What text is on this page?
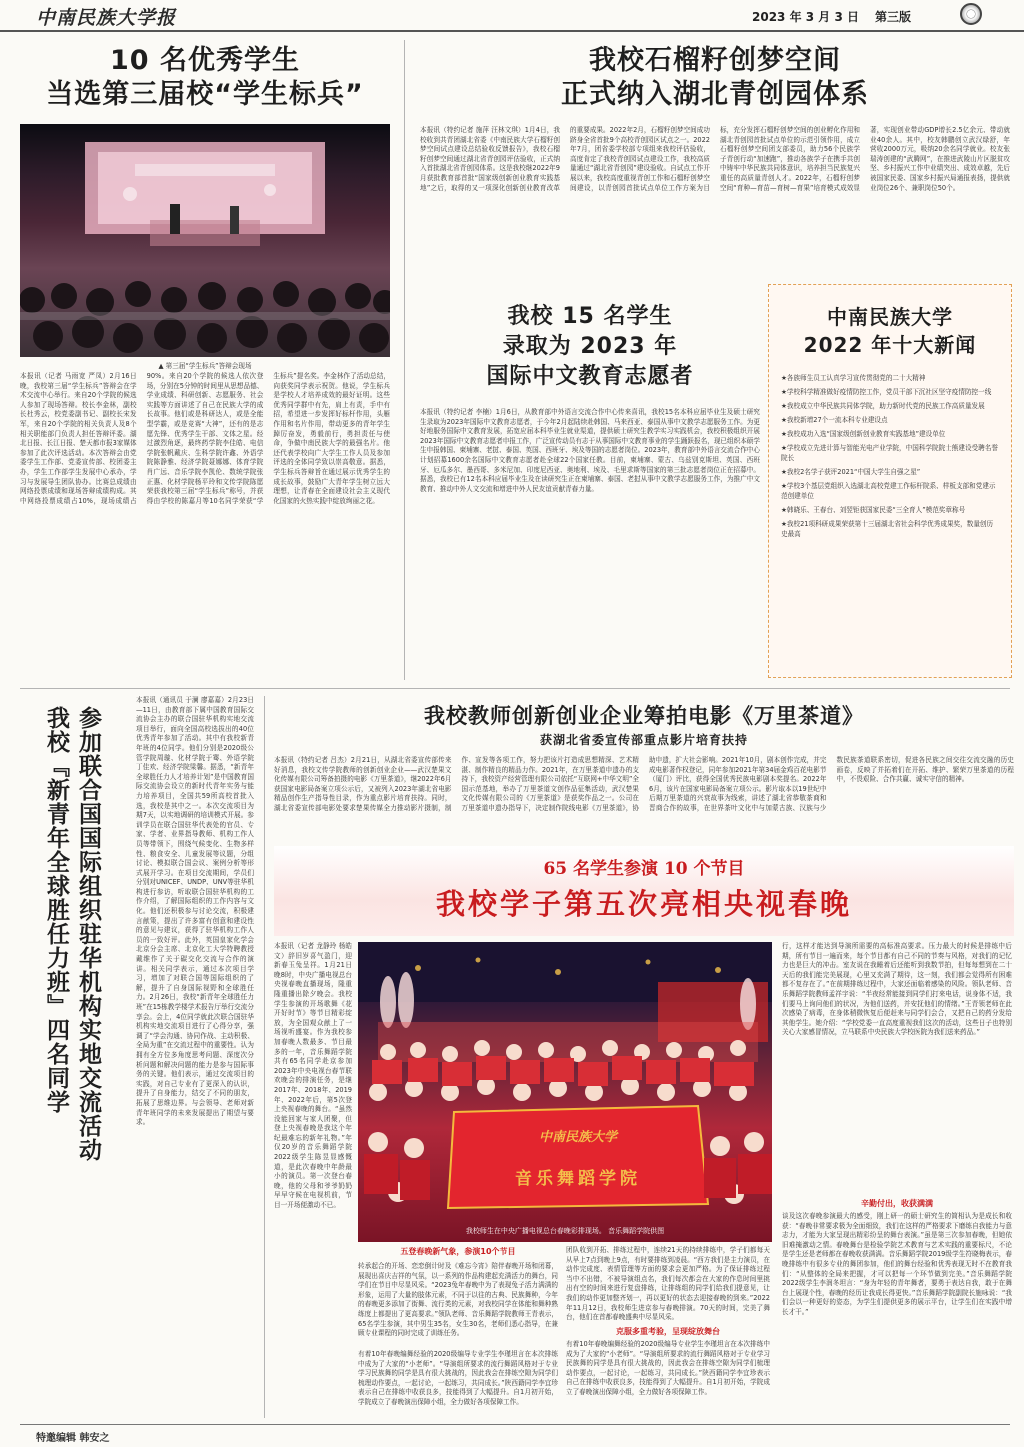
中南民族大学报	2023 年 3 月 3 日 第三版
10 名优秀学生
当选第三届校“学生标兵”
▲ 第三届“学生标兵”答辩会现场
本报讯（记者 马雨宽 严凤）2月16日晚，我校第三届“学生标兵”答辩会在学术交流中心举行。来自20个学院的候选人参加了现场答辩。校长李金林，副校长杜秀云，校党委副书记、副校长宋发军，来自20个学院的相关负责人及8个相关职能部门负责人担任答辩评委。湖北日报、长江日报、楚天都市报3家媒体参加了此次评选活动。本次答辩会由党委学生工作部、党委宣传部、校团委主办，学生工作部学生发展中心承办，学习与发展导生团队协办。比赛总成绩由网络投票成绩和现场答辩成绩构成。其中网络投票成绩占10%，现场成绩占90%。来自20个学院的候选人依次登场，分别在5分钟的时间里从思想品德、学业成绩、科研创新、志愿服务、社会实践等方面讲述了自己在民族大学的成长故事。他们或是科研达人，或是全能型学霸，或是竞赛“大神”，还有的是志愿先锋、优秀学生干部、文体之星。经过激烈角逐，最终药学院李佳皓、电信学院张帆戴庆、生科学院许鑫、外语学院陈静雅、经济学院聂娜娜、体育学院肖广远、音乐学院李凯伦、数统学院张正惠、化材学院杨平玲和文传学院陈愿荣获我校第三届“学生标兵”称号，并获得由学校的陈嘉月等10名同学荣获“学生标兵”提名奖。李金林作了活动总结，向获奖同学表示祝贺。他说，学生标兵是学校人才培养成效的最好证明。这些优秀同学群中有先，肩上有责，手中有招，希望进一步发挥好标杆作用，头雁作用和名片作用，带动更多的青年学生踔厉奋发，勇毅前行，勇担责任与使命，争做中南民族大学的最强名片。他还代表学校向广大学生工作人员及参加评选的全体同学致以崇高敬意。据悉，学生标兵答辩旨在通过展示优秀学生的成长故事，鼓励广大青年学生树立远大理想，让青春在全面建设社会主义现代化国家的火热实践中绽放绚丽之花。
我校石榴籽创梦空间
正式纳入湖北青创园体系
本报讯（特约记者 施萍 汪林文琪）1月4日，我校收到共青团湖北省委《中南民族大学石榴籽创梦空间试点建设总结验收反馈报告》，我校石榴籽创梦空间通过湖北省青创园评估验收，正式纳入首批湖北省青创园体系。这是我校继2022年9月获批教育部首批“国家级创新创业教育实践基地”之后，取得的又一项深化创新创业教育改革的重要成果。2022年2月，石榴籽创梦空间成功跻身全省首批9个高校青创园区试点之一。2022年7月，团省委学校部专项组来我校评估验收，高度肯定了我校青创园试点建设工作，我校高质量通过“湖北省青创园”建设验收。自试点工作开展以来，我校高度重视青创工作和石榴籽创梦空间建设，以青创园首批试点单位工作方案为目标，充分发挥石榴籽创梦空间的创业孵化作用和湖北青创园首批试点单位的示范引领作用，成立石榴籽创梦空间团支部委员，助力56个民族学子青创行动“加速跑”，推动各族学子在携手共创中铸牢中华民族共同体意识，培养担当民族复兴重任的高质量青创人才。2022年，石榴籽创梦空间“育种—育苗—育树—育果”培育模式成效显著，实现创业带动GDP增长2.5亿余元、带动就业40余人。其中，校友韩鹏创立武汉绿舒，年营收2000万元，吸纳20余名同学就业。校友张瑞涛创建的“武腾网”，在推进武陵山片区脱贫攻坚、乡村振兴工作中业绩突出、成效卓越，先后被国家民委、国家乡村振兴局通报表扬，提供就业岗位26个、兼职岗位50个。
我校 15 名学生
录取为 2023 年
国际中文教育志愿者
本报讯（特约记者 李楠）1月6日，从教育部中外语言交流合作中心传来喜讯，我校15名本科应届毕业生及硕士研究生录取为2023年国际中文教育志愿者，于今年2月起陆续赴韩国、马来西亚、泰国从事中文教学志愿服务工作。为更好地服务国际中文教育发展，拓宽应届本科毕业生就业渠道，提供硕士研究生教学实习实践机会，我校积极组织开展2023年国际中文教育志愿者申报工作，广泛宣传动员有志于从事国际中文教育事业的学生踊跃报名，现已组织本硕学生申报韩国、柬埔寨、老挝、泰国、英国、西班牙、埃及等国的志愿者岗位。2023年，教育部中外语言交流合作中心计划招募1600余名国际中文教育志愿者赴全球22个国家任教。目前，柬埔寨、蒙古、乌兹别克斯坦、英国、西班牙、厄瓜多尔、墨西哥、多米尼加、印度尼西亚、奥地利、埃及、毛里求斯等国家的第三批志愿者岗位正在招募中。据悉，我校已有12名本科应届毕业生及在读研究生正在柬埔寨、泰国、老挝从事中文教学志愿服务工作，为推广中文教育、推动中外人文交流和增进中外人民友谊贡献青春力量。
中南民族大学
2022 年十大新闻
★各族师生员工认真学习宣传贯彻党的二十大精神
★学校科学精准做好疫情防控工作，党员干部下沉社区坚守疫情防控一线
★我校成立中华民族共同体学院，助力新时代党的民族工作高质量发展
★我校新增27个一流本科专业建设点
★我校成功入选“国家级创新创业教育实践基地”建设单位
★学校成立先进计算与智能光电产业学院，中国科学院院士熊建设受聘名誉院长
★我校2名学子获评2021“中国大学生自强之星”
★学校3个基层党组织入选湖北高校党建工作标杆院系、样板支部和党建示范创建单位
★韩晓乐、王春台、刘翌钜获国家民委“三全育人”模范奖章称号
★我校21项科研成果荣获第十三届湖北省社会科学优秀成果奖，数量创历史最高
参加联合国国际组织驻华机构实地交流活动
我校『新青年全球胜任力班』四名同学
本报讯（通讯员 于澜 廖嘉嘉）2月23日—11日，由教育部下属中国教育国际交流协会主办的联合国驻华机构实地交流项目举行，面向全国高校选拔出的40位优秀青年参加了活动。其中有我校新青年班的4位同学。他们分别是2020级公管学院周璇、化材学院于骞、外语学院丁佳欢、经济学院梁馨。据悉，“新青年全球胜任力人才培养计划”是中国教育国际交流协会设立的新时代青年实务与能力培养项目，全国共59所高校首批入选，我校是其中之一。本次交流项目为期7天，以实地调研的培训模式开展。参训学员在联合国驻华代表处的官员、专家、学者、业界指导教师、机构工作人员等带领下，围绕气候变化、生物多样性、粮食安全、儿童发展等议题，分组讨论、模拟联合国会议、案例分析等形式展开学习。在项目交流期间，学员们分别对UNICEF、UNDP、UNV等驻华机构进行参访，听取联合国驻华机构的工作介绍，了解国际组织的工作内容与文化。他们还积极参与讨论交流，积极建言献策，提出了许多富有创意和建设性的意见与建议，获得了驻华机构工作人员的一致好评。此外，英国皇家化学会北京分会主席、北京化工大学特聘教授戴维作了关于碳交化交流与合作的演讲。相关同学表示，通过本次项目学习，增加了对联合国等国际组织的了解，提升了自身国际视野和全球胜任力。2月26日，我校“新青年全球胜任力班”在15栋教学楼学术报告厅举行交流分享会。会上，4位同学就此次联合国驻华机构实地交流项目进行了心得分享，强调了“学会沟通、协同作战、主动积极、全局为重”在交流过程中的重要性。认为拥有全方位多角度思考问题、深度次分析问题和解决问题的能力是参与国际事务的关键。他们表示，通过交流项目的实践，对自己专业有了更深入的认识，提升了自身能力，结交了不同的朋友，拓展了思维边界。与会领导、老师对新青年班同学的未来发展提出了期望与要求。
我校教师创新创业企业筹拍电影《万里茶道》
获湖北省委宣传部重点影片培育扶持
本报讯（特约记者 吕杰）2月21日，从湖北省委宣传部传来好消息，我校文传学院教师的创新创业企业——武汉楚果文化传媒有限公司筹备拍摄的电影《万里茶道》，继2022年6月获国家电影局备案立项公示后，又被列入2023年湖北省电影精品创作生产指导性目录，作为重点影片培育扶持。同时，湖北省委宣传部电影处要求楚果传媒全力推动影片摄制，制作、宣发等各项工作，努力把该片打造成思想精深、艺术精湛、制作精良的精品力作。2021年，在万里茶道申遗办的支持下，我校资产经营管理有限公司依托“互联网+中华文明”全国示范基地，举办了万里茶道文创作品征集活动，武汉楚果文化传媒有限公司的《万里茶道》是获奖作品之一。公司在万里茶道申遗办指导下，决定制作院线电影《万里茶道》，协助申遗，扩大社会影响。2021年10月，剧本创作完成，并完成电影著作权登记，同年参加2021年第34届金鸡百花电影节（厦门）评比，获得全国优秀民族电影剧本奖提名。2022年6月，该片在国家电影局备案立项公示。影片取本以19世纪中后期万里茶道的兴衰故事为线索，讲述了湖北省恭敬茶商和晋商合作的故事，在世界茶叶文化中与加蒙古族、汉族与少数民族茶道联系密切，促进各民族之间交往交流交融的历史画卷，反映了并拓着们在开拓、维护、繁荣万里茶道的历程中，不畏艰险、合作共赢、诚实守信的精神。
65 名学生参演 10 个节目
我校学子第五次亮相央视春晚
本报讯（记者 龙静玲 杨皓文）辞旧岁喜气盈门，迎新春玉兔呈祥。1月21日晚8时，中央广播电视总台央视春晚直播现场，隆重隆重播出除夕晚会。我校学生参演的开场歌舞《花开好时节》等节目精彩绽放，为全国观众献上了一场视听盛宴。作为我校参加春晚人数最多、节目最多的一年，音乐舞蹈学院共有65名同学赴京参加2023年中央电视台春节联欢晚会的排演任务，是继2017年、2018年、2019年、2022年后，第5次登上央视春晚的舞台。“虽然没能回家与家人团聚，但登上央视春晚是我这个年纪最难忘的新年礼物。”年仅20岁的音乐舞蹈学院2022级学生陈昱显感慨道，是此次春晚中年龄最小的演员。第一次登台春晚，他的父母和爷爷奶奶早早守候在电视机前，节目一开场便激动不已。
中南民族大学
音乐舞蹈学院
我校师生在中央广播电视总台春晚彩排现场。 音乐舞蹈学院供图
五登春晚新气象，参演10个节目
转承起合的开场、恋恋倒计时及《难忘今宵》陪伴春晚开场和闭幕，展现出喜庆吉祥的气氛，以一系列的作品构建起充满活力的舞台，同学们在节目中尽显风采。“2023兔年春晚中为了表现兔子活力满满的形象，运用了大量的肢体元素，不同于以往的古典、民族舞种，今年的春晚更多添加了街舞、流行类的元素，对我校同学在体能和舞种熟练度上都提出了更高要求。”领队老师、音乐舞蹈学院教师王青表示，65名学生参演，其中男生35名，女生30名，老师们悉心指导，在兼顾专业课程的同时完成了训练任务。
有着10年春晚编舞经验的2020级编导专业学生李瑾坦言在本次排练中成为了大家的“小老师”。“导演组所要求的流行舞蹈风格对于专业学习民族舞的同学是具有很大挑战的，因此我会在排练空隙为同学们梳理动作要点，一起讨论，一起练习，共同成长。”陕西籍同学李宜珍表示自己在排练中收获良多，技能得到了大幅提升。自1月初开始，学院成立了春晚演出保障小组，全力做好各项保障工作。
团队收到开拓、排练过程中，连续21天的持续排练中，学子们都每天从早上7点到晚上9点，有时要排练到凌晨。“西方我们是主力演员，在动作完成度、表情管理等方面的要求会更加严格。为了保证排练过程当中不出错，不被导演组点名，我们每次都会在大家的作息时间里挑出有空的时间来进行复盘排练，让排练组的同学们给我们提意见，让我们的动作更加整齐划一，再以更好的状态去迎接春晚的到来。”2022年11月12日，我校师生进京参与春晚排演。70天的时间，完美了舞台，他们在首都春晚盛典中尽显风采。
克服多重考验，呈现绽放舞台
有着10年春晚编舞经验的2020级编导专业学生李瑾坦言在本次排练中成为了大家的“小老师”。“导演组所要求的流行舞蹈风格对于专业学习民族舞的同学是具有很大挑战的，因此我会在排练空隙为同学们梳理动作要点，一起讨论，一起练习，共同成长。”陕西籍同学李宜珍表示自己在排练中收获良多，技能得到了大幅提升。自1月初开始，学院成立了春晚演出保障小组，全力做好各项保障工作。
行，这样才能达到导演所需要的高标准高要求。压力最大的时候是排练中后期，所有节目一遍而来，每个节目都有自己不同的节奏与风格，对我们的记忆力也是巨大的冲击。室友说在我睡着后还能听到我数节拍，但每每想到在二十天后的我们能完美展现，心里又充满了期待，这一刻，我们都会觉得所有困难都不复存在了。”在前期排练过程中，大家还面临着感染的风险。领队老师、音乐舞蹈学院教师孟祥宇说：“半夜经常能接到同学们打来电话，说身体不适，我们要马上询问他们的状况，为他们送药，并安抚他们的情绪。”王青领老师在此次感染了病毒，在身体稍微恢复后便赶来与同学们会合，又把自己的药分发给其他学生。她介绍：“学校党委一直高度重视我们这次的活动，这些日子也特别关心大家感冒情况，立马联系中央民族大学校医院为我们送来药品。”
辛勤付出，收获满满
谈及这次春晚参演最大的感受，刚上研一的硕士研究生的简相认为是成长和收获：“春晚非常要求极为全面细致，我们在这样的严格要求下磨练自我能力与意志力，才能为大家呈现出精彩纷呈的舞台表演。”虽是第三次参加春晚，但她依旧难掩激动之情。春晚舞台是检验学院艺术教育与艺术实践的重要标尺，不论是学生还是老师都在春晚收获满满。音乐舞蹈学院2019级学生符晓梅表示，春晚排练中有很多专业的舞团参加，他们的舞台经验和优秀表现无时不在教育我们：“从整体的全局来把握，才可以把每一个环节做到完美。”音乐舞蹈学院2022级学生李润冬坦言：“身为年轻的青年舞者，要勇于表达自我，敢于在舞台上展现个性，春晚的经历让我成长得更快。”音乐舞蹈学院副院长施咏说：“我们会以一种更好的姿态，为学生们提供更多的展示平台，让学生们在实践中增长才干。”
特邀编辑 韩安之
